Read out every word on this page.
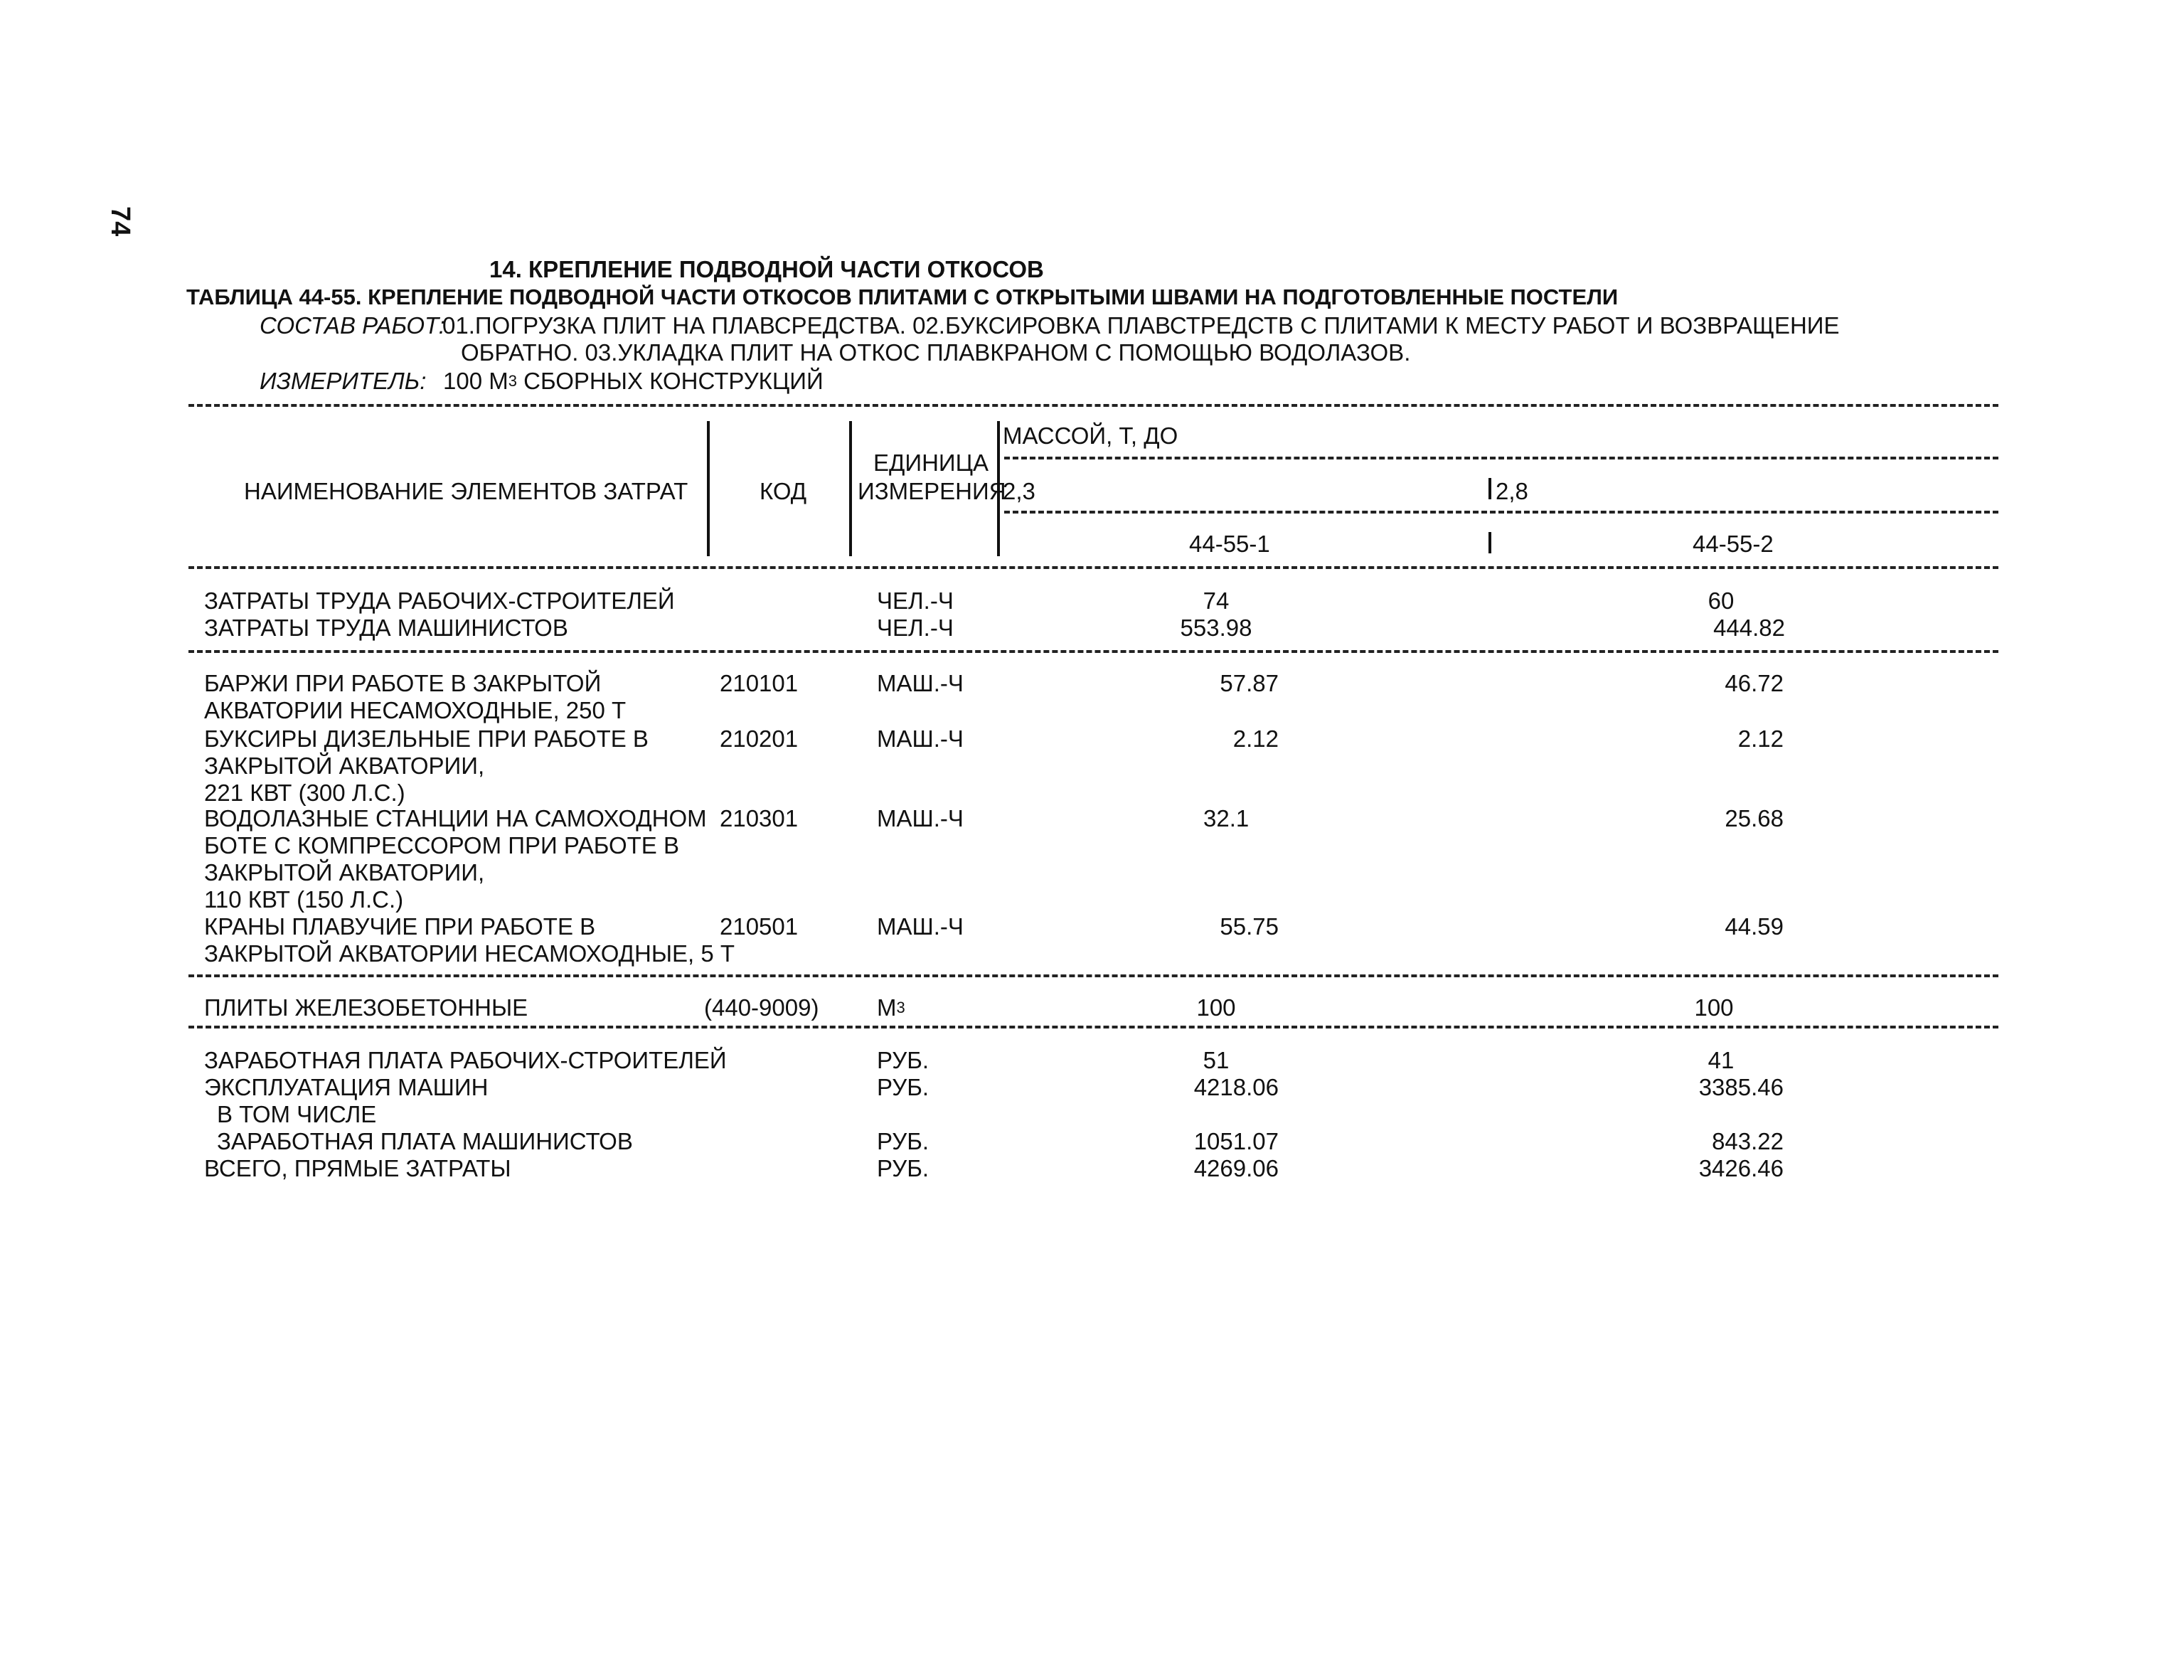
74
14. КРЕПЛЕНИЕ ПОДВОДНОЙ ЧАСТИ ОТКОСОВ
ТАБЛИЦА 44-55. КРЕПЛЕНИЕ ПОДВОДНОЙ ЧАСТИ ОТКОСОВ ПЛИТАМИ С ОТКРЫТЫМИ ШВАМИ НА ПОДГОТОВЛЕННЫЕ ПОСТЕЛИ
СОСТАВ РАБОТ:
01.ПОГРУЗКА ПЛИТ НА ПЛАВСРЕДСТВА. 02.БУКСИРОВКА ПЛАВСТРЕДСТВ С ПЛИТАМИ К МЕСТУ РАБОТ И ВОЗВРАЩЕНИЕ
ОБРАТНО. 03.УКЛАДКА ПЛИТ НА ОТКОС ПЛАВКРАНОМ С ПОМОЩЬЮ ВОДОЛАЗОВ.
ИЗМЕРИТЕЛЬ: 100 $М^3$ СБОРНЫХ КОНСТРУКЦИЙ
НАИМЕНОВАНИЕ ЭЛЕМЕНТОВ ЗАТРАТ	КОД
ЕДИНИЦА
ИЗМЕРЕНИЯ
МАССОЙ, Т, ДО
2,3	2,8
44-55-1	44-55-2
ЗАТРАТЫ ТРУДА РАБОЧИХ-СТРОИТЕЛЕЙ	ЧЕЛ.-Ч	74	60
ЗАТРАТЫ ТРУДА МАШИНИСТОВ	ЧЕЛ.-Ч	553.98	444.82
БАРЖИ ПРИ РАБОТЕ В ЗАКРЫТОЙ
АКВАТОРИИ НЕСАМОХОДНЫЕ, 250 Т
210101	МАШ.-Ч	57.87	46.72
БУКСИРЫ ДИЗЕЛЬНЫЕ ПРИ РАБОТЕ В
ЗАКРЫТОЙ АКВАТОРИИ,
221 КВТ (300 Л.С.)
210201	МАШ.-Ч	2.12	2.12
ВОДОЛАЗНЫЕ СТАНЦИИ НА САМОХОДНОМ
БОТЕ С КОМПРЕССОРОМ ПРИ РАБОТЕ В
ЗАКРЫТОЙ АКВАТОРИИ,
110 КВТ (150 Л.С.)
210301	МАШ.-Ч	32.1	25.68
КРАНЫ ПЛАВУЧИЕ ПРИ РАБОТЕ В
ЗАКРЫТОЙ АКВАТОРИИ НЕСАМОХОДНЫЕ, 5 Т
210501	МАШ.-Ч	55.75	44.59
ПЛИТЫ ЖЕЛЕЗОБЕТОННЫЕ	(440-9009) $М^3$	100	100
ЗАРАБОТНАЯ ПЛАТА РАБОЧИХ-СТРОИТЕЛЕЙ	РУБ.	51	41
ЭКСПЛУАТАЦИЯ МАШИН	РУБ.	4218.06	3385.46
В ТОМ ЧИСЛЕ
ЗАРАБОТНАЯ ПЛАТА МАШИНИСТОВ	РУБ.	1051.07	843.22
ВСЕГО, ПРЯМЫЕ ЗАТРАТЫ	РУБ.	4269.06	3426.46
